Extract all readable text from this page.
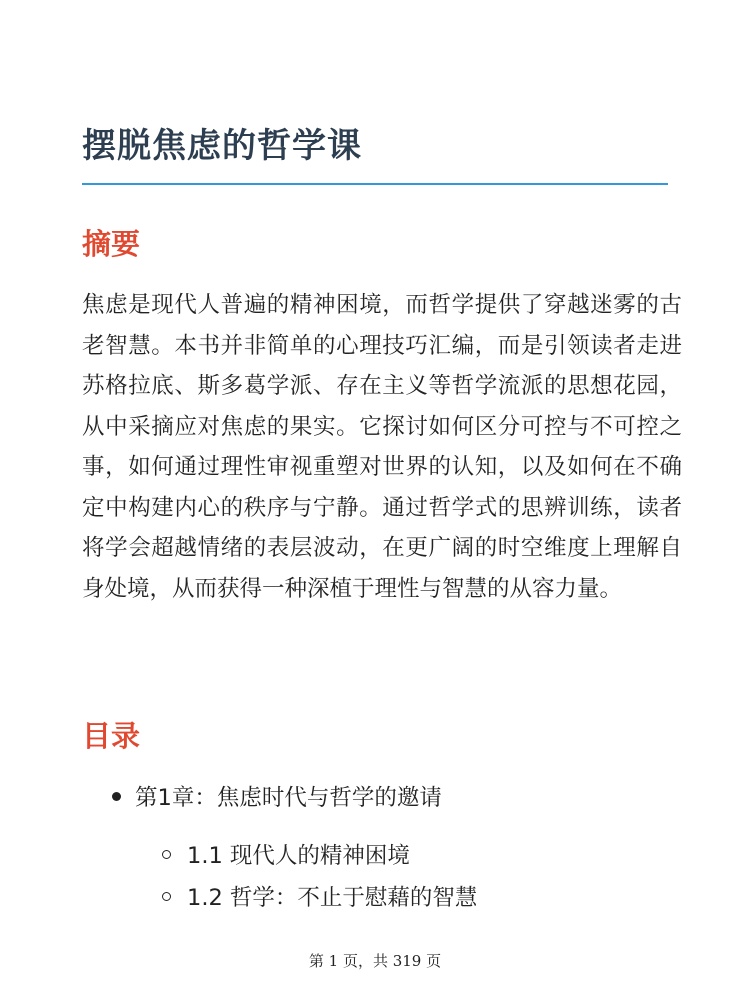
摆脱焦虑的哲学课
摘要

焦虑是现代人普遍的精神困境，而哲学提供了穿越迷雾的古老智慧。本书并非简单的心理技巧汇编，而是引领读者走进苏格拉底、斯多葛学派、存在主义等哲学流派的思想花园，从中采摘应对焦虑的果实。它探讨如何区分可控与不可控之事，如何通过理性审视重塑对世界的认知，以及如何在不确定中构建内心的秩序与宁静。通过哲学式的思辨训练，读者将学会超越情绪的表层波动，在更广阔的时空维度上理解自身处境，从而获得一种深植于理性与智慧的从容力量。

目录
第1章：焦虑时代与哲学的邀请
1.1 现代人的精神困境
1.2 哲学：不止于慰藉的智慧
第 1 页，共 319 页
